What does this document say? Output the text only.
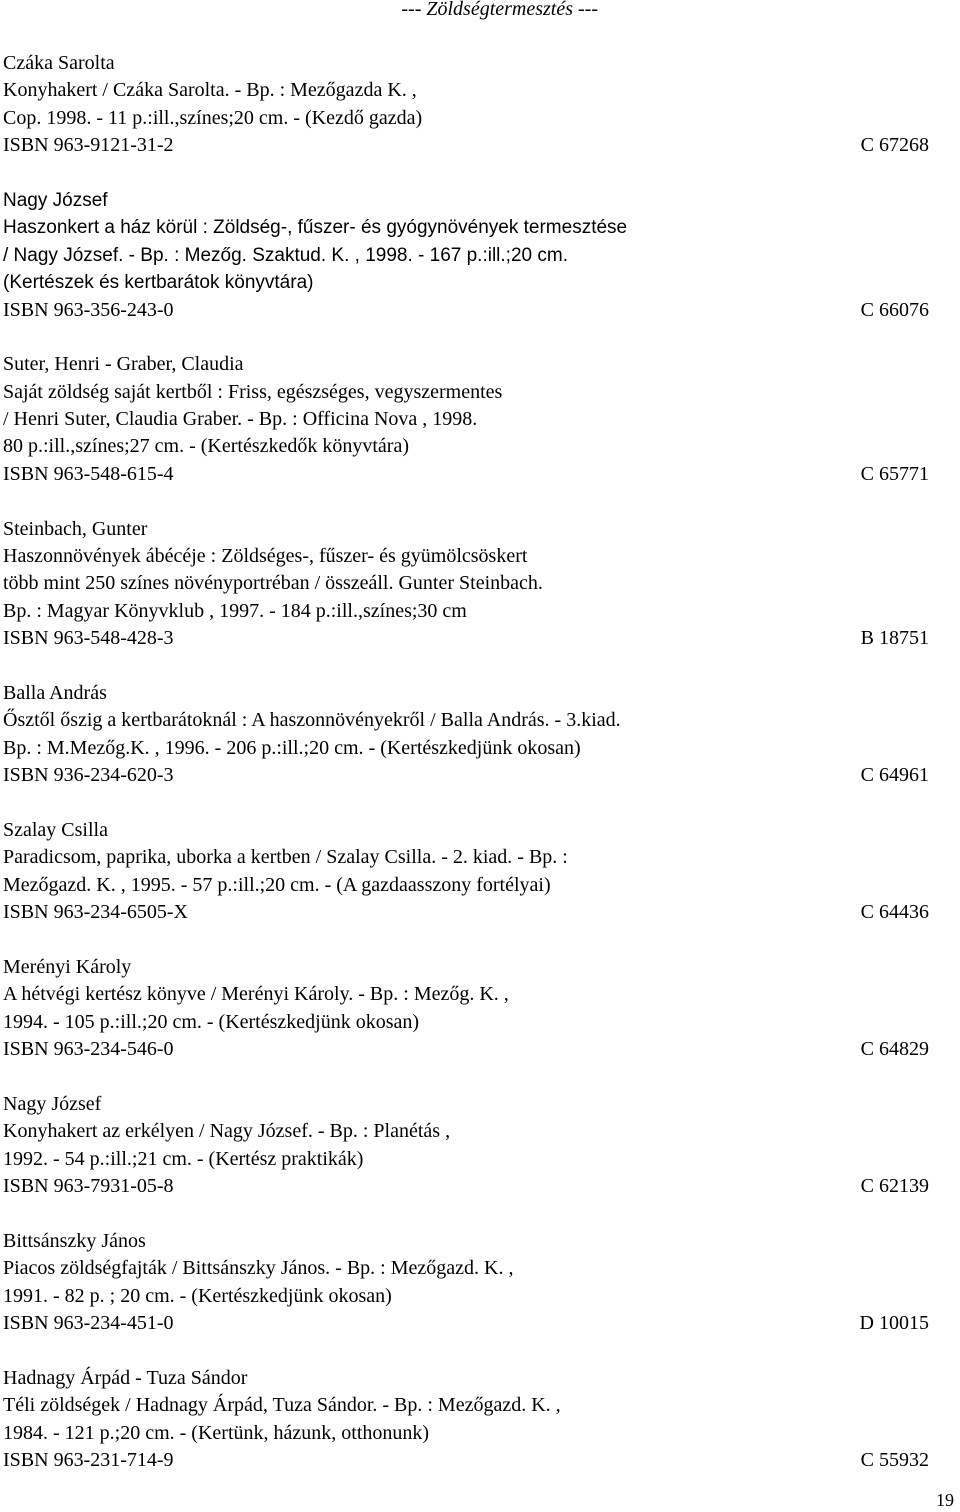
--- Zöldségtermesztés ---
Czáka Sarolta
Konyhakert / Czáka Sarolta. - Bp. : Mezőgazda K. ,
Cop. 1998. - 11 p.:ill.,színes;20 cm. - (Kezdő gazda)
ISBN 963-9121-31-2	C 67268
Nagy József
Haszonkert a ház körül : Zöldség-, fűszer- és gyógynövények termesztése
/ Nagy József. - Bp. : Mezőg. Szaktud. K. , 1998. - 167 p.:ill.;20 cm.
(Kertészek és kertbarátok könyvtára)
ISBN 963-356-243-0	C 66076
Suter, Henri - Graber, Claudia
Saját zöldség saját kertből : Friss, egészséges, vegyszermentes
/ Henri Suter, Claudia Graber. - Bp. : Officina Nova , 1998.
80 p.:ill.,színes;27 cm. - (Kertészkedők könyvtára)
ISBN 963-548-615-4	C 65771
Steinbach, Gunter
Haszonnövények ábécéje : Zöldséges-, fűszer- és gyümölcsöskert
több mint 250 színes növényportréban / összeáll. Gunter Steinbach.
Bp. : Magyar Könyvklub , 1997. - 184 p.:ill.,színes;30 cm
ISBN 963-548-428-3	B 18751
Balla András
Ősztől őszig a kertbarátoknál : A haszonnövényekről / Balla András. - 3.kiad.
Bp. : M.Mezőg.K. , 1996. - 206 p.:ill.;20 cm. - (Kertészkedjünk okosan)
ISBN 936-234-620-3	C 64961
Szalay Csilla
Paradicsom, paprika, uborka a kertben / Szalay Csilla. - 2. kiad. - Bp. :
Mezőgazd. K. , 1995. - 57 p.:ill.;20 cm. - (A gazdaasszony fortélyai)
ISBN 963-234-6505-X	C 64436
Merényi Károly
A hétvégi kertész könyve / Merényi Károly. - Bp. : Mezőg. K. ,
1994. - 105 p.:ill.;20 cm. - (Kertészkedjünk okosan)
ISBN 963-234-546-0	C 64829
Nagy József
Konyhakert az erkélyen / Nagy József. - Bp. : Planétás ,
1992. - 54 p.:ill.;21 cm. - (Kertész praktikák)
ISBN 963-7931-05-8	C 62139
Bittsánszky János
Piacos zöldségfajták / Bittsánszky János. - Bp. : Mezőgazd. K. ,
1991. - 82 p. ; 20 cm. - (Kertészkedjünk okosan)
ISBN 963-234-451-0	D 10015
Hadnagy Árpád - Tuza Sándor
Téli zöldségek / Hadnagy Árpád, Tuza Sándor. - Bp. : Mezőgazd. K. ,
1984. - 121 p.;20 cm. - (Kertünk, házunk, otthonunk)
ISBN 963-231-714-9	C 55932
19
